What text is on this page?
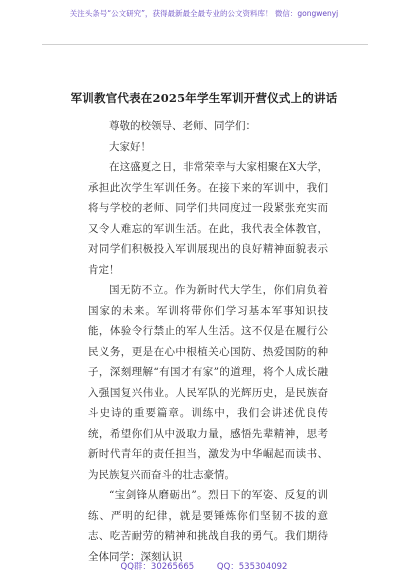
关注头条号“公文研究”，获得最新最全最专业的公文资料库！ 微信：gongwenyj
军训教官代表在2025年学生军训开营仪式上的讲话

尊敬的校领导、老师、同学们：

大家好！

在这盛夏之日，非常荣幸与大家相聚在X大学，承担此次学生军训任务。在接下来的军训中，我们将与学校的老师、同学们共同度过一段紧张充实而又令人难忘的军训生活。在此，我代表全体教官，对同学们积极投入军训展现出的良好精神面貌表示肯定！

国无防不立。作为新时代大学生，你们肩负着国家的未来。军训将带你们学习基本军事知识技能，体验令行禁止的军人生活。这不仅是在履行公民义务，更是在心中根植关心国防、热爱国防的种子，深刻理解“有国才有家”的道理，将个人成长融入强国复兴伟业。人民军队的光辉历史，是民族奋斗史诗的重要篇章。训练中，我们会讲述优良传统，希望你们从中汲取力量，感悟先辈精神，思考新时代青年的责任担当，激发为中华崛起而读书、为民族复兴而奋斗的壮志豪情。

“宝剑锋从磨砺出”。烈日下的军姿、反复的训练、严明的纪律，就是要锤炼你们坚韧不拔的意志、吃苦耐劳的精神和挑战自我的勇气。我们期待全体同学：深刻认识

QQ群：30265665	QQ：535304092
